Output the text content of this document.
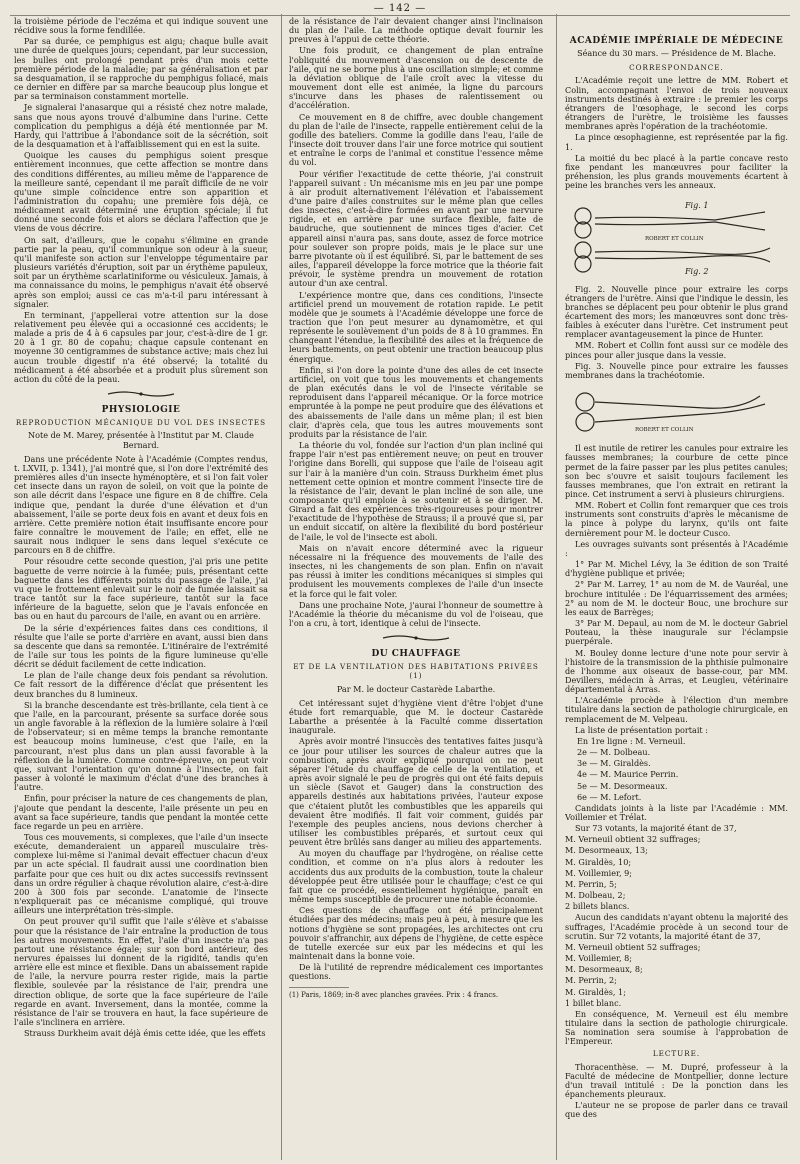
— 142 —

la troisième période de l'eczéma et qui indique souvent une récidive sous la forme fendillée.

Par sa durée, ce pemphigus est aigu; chaque bulle avait une durée de quelques jours; cependant, par leur succession, les bulles ont prolongé pendant près d'un mois cette première période de la maladie; par sa généralisation et par sa desquamation, il se rapproche du pemphigus foliacé, mais ce dernier en diffère par sa marche beaucoup plus longue et par sa terminaison constamment mortelle.

Je signalerai l'anasarque qui a résisté chez notre malade, sans que nous ayons trouvé d'albumine dans l'urine. Cette complication du pemphigus a déjà été mentionnée par M. Hardy, qui l'attribue à l'abondance soit de la sécrétion, soit de la desquamation et à l'affaiblissement qui en est la suite.

Quoique les causes du pemphigus soient presque entièrement inconnues, que cette affection se montre dans des conditions différentes, au milieu même de l'apparence de la meilleure santé, cependant il me paraît difficile de ne voir qu'une simple coïncidence entre son apparition et l'administration du copahu; une première fois déjà, ce médicament avait déterminé une éruption spéciale; il fut donné une seconde fois et alors se déclara l'affection que je viens de vous décrire.

On sait, d'ailleurs, que le copahu s'élimine en grande partie par la peau, qu'il communique son odeur à la sueur, qu'il manifeste son action sur l'enveloppe tégumentaire par plusieurs variétés d'éruption, soit par un érythème papuleux, soit par un érythème scarlatiniforme ou vésiculeux. Jamais, à ma connaissance du moins, le pemphigus n'avait été observé après son emploi; aussi ce cas m'a-t-il paru intéressant à signaler.

En terminant, j'appellerai votre attention sur la dose relativement peu élevée qui a occasionné ces accidents; le malade a pris de 4 à 6 capsules par jour, c'est-à-dire de 1 gr. 20 à 1 gr. 80 de copahu; chaque capsule contenant en moyenne 30 centigrammes de substance active; mais chez lui aucun trouble digestif n'a été observé; la totalité du médicament a été absorbée et a produit plus sûrement son action du côté de la peau.

PHYSIOLOGIE
REPRODUCTION MÉCANIQUE DU VOL DES INSECTES

Note de M. Marey, présentée à l'Institut par M. Claude Bernard.

Dans une précédente Note à l'Académie (Comptes rendus, t. LXVII, p. 1341), j'ai montré que, si l'on dore l'extrémité des premières ailes d'un insecte hyménoptère, et si l'on fait voler cet insecte dans un rayon de soleil, on voit que la pointe de son aile décrit dans l'espace une figure en 8 de chiffre. Cela indique que, pendant la durée d'une élévation et d'un abaissement, l'aile se porte deux fois en avant et deux fois en arrière. Cette première notion était insuffisante encore pour faire connaître le mouvement de l'aile; en effet, elle ne saurait nous indiquer le sens dans lequel s'exécute ce parcours en 8 de chiffre.

Pour résoudre cette seconde question, j'ai pris une petite baguette de verre noircie à la fumée; puis, présentant cette baguette dans les différents points du passage de l'aile, j'ai vu que le frottement enlevait sur le noir de fumée laissait sa trace tantôt sur la face supérieure, tantôt sur la face inférieure de la baguette, selon que je l'avais enfoncée en bas ou en haut du parcours de l'aile, en avant ou en arrière.

De la série d'expériences faites dans ces conditions, il résulte que l'aile se porte d'arrière en avant, aussi bien dans sa descente que dans sa remontée. L'itinéraire de l'extrémité de l'aile sur tous les points de la figure lumineuse qu'elle décrit se déduit facilement de cette indication.

Le plan de l'aile change deux fois pendant sa révolution. Ce fait ressort de la différence d'éclat que présentent les deux branches du 8 lumineux.

Si la branche descendante est très-brillante, cela tient à ce que l'aile, en la parcourant, présente sa surface dorée sous un angle favorable à la réflexion de la lumière solaire à l'œil de l'observateur; si en même temps la branche remontante est beaucoup moins lumineuse, c'est que l'aile, en la parcourant, n'est plus dans un plan aussi favorable à la réflexion de la lumière. Comme contre-épreuve, on peut voir que, suivant l'orientation qu'on donne à l'insecte, on fait passer à volonté le maximum d'éclat d'une des branches à l'autre.

Enfin, pour préciser la nature de ces changements de plan, j'ajoute que pendant la descente, l'aile présente un peu en avant sa face supérieure, tandis que pendant la montée cette face regarde un peu en arrière.

Tous ces mouvements, si complexes, que l'aile d'un insecte exécute, demanderaient un appareil musculaire très-complexe lui-même si l'animal devait effectuer chacun d'eux par un acte spécial. Il faudrait aussi une coordination bien parfaite pour que ces huit ou dix actes successifs revinssent dans un ordre régulier à chaque révolution alaire, c'est-à-dire 200 à 300 fois par seconde. L'anatomie de l'insecte n'expliquerait pas ce mécanisme compliqué, qui trouve ailleurs une interprétation très-simple.

On peut prouver qu'il suffit que l'aile s'élève et s'abaisse pour que la résistance de l'air entraîne la production de tous les autres mouvements. En effet, l'aile d'un insecte n'a pas partout une résistance égale; sur son bord antérieur, des nervures épaisses lui donnent de la rigidité, tandis qu'en arrière elle est mince et flexible. Dans un abaissement rapide de l'aile, la nervure pourra rester rigide, mais la partie flexible, soulevée par la résistance de l'air, prendra une direction oblique, de sorte que la face supérieure de l'aile regarde en avant. Inversement, dans la montée, comme la résistance de l'air se trouvera en haut, la face supérieure de l'aile s'inclinera en arrière.

Strauss Durkheim avait déjà émis cette idée, que les effets

de la résistance de l'air devaient changer ainsi l'inclinaison du plan de l'aile. La méthode optique devait fournir les preuves à l'appui de cette théorie.

Une fois produit, ce changement de plan entraîne l'obliquité du mouvement d'ascension ou de descente de l'aile, qui ne se borne plus à une oscillation simple; et comme la déviation oblique de l'aile croît avec la vitesse du mouvement dont elle est animée, la ligne du parcours s'incurve dans les phases de ralentissement ou d'accélération.

Ce mouvement en 8 de chiffre, avec double changement du plan de l'aile de l'insecte, rappelle entièrement celui de la godille des bateliers. Comme la godille dans l'eau, l'aile de l'insecte doit trouver dans l'air une force motrice qui soutient et entraîne le corps de l'animal et constitue l'essence même du vol.

Pour vérifier l'exactitude de cette théorie, j'ai construit l'appareil suivant : Un mécanisme mis en jeu par une pompe à air produit alternativement l'élévation et l'abaissement d'une paire d'ailes construites sur le même plan que celles des insectes, c'est-à-dire formées en avant par une nervure rigide, et en arrière par une surface flexible, faite de baudruche, que soutiennent de minces tiges d'acier. Cet appareil ainsi n'aura pas, sans doute, assez de force motrice pour soulever son propre poids, mais je le place sur une barre pivotante où il est équilibré. Si, par le battement de ses ailes, l'appareil développe la force motrice que la théorie fait prévoir, le système prendra un mouvement de rotation autour d'un axe central.

L'expérience montre que, dans ces conditions, l'insecte artificiel prend un mouvement de rotation rapide. Le petit modèle que je soumets à l'Académie développe une force de traction que l'on peut mesurer au dynamomètre, et qui représente le soulèvement d'un poids de 8 à 10 grammes. En changeant l'étendue, la flexibilité des ailes et la fréquence de leurs battements, on peut obtenir une traction beaucoup plus énergique.

Enfin, si l'on dore la pointe d'une des ailes de cet insecte artificiel, on voit que tous les mouvements et changements de plan exécutés dans le vol de l'insecte véritable se reproduisent dans l'appareil mécanique. Or la force motrice empruntée à la pompe ne peut produire que des élévations et des abaissements de l'aile dans un même plan; il est bien clair, d'après cela, que tous les autres mouvements sont produits par la résistance de l'air.

La théorie du vol, fondée sur l'action d'un plan incliné qui frappe l'air n'est pas entièrement neuve; on peut en trouver l'origine dans Borelli, qui suppose que l'aile de l'oiseau agit sur l'air à la manière d'un coin. Strauss Durkheim émet plus nettement cette opinion et montre comment l'insecte tire de la résistance de l'air, devant le plan incliné de son aile, une composante qu'il emploie à se soutenir et à se diriger. M. Girard a fait des expériences très-rigoureuses pour montrer l'exactitude de l'hypothèse de Strauss; il a prouvé que si, par un enduit siccatif, on altère la flexibilité du bord postérieur de l'aile, le vol de l'insecte est aboli.

Mais on n'avait encore déterminé avec la rigueur nécessaire ni la fréquence des mouvements de l'aile des insectes, ni les changements de son plan. Enfin on n'avait pas réussi à imiter les conditions mécaniques si simples qui produisent les mouvements complexes de l'aile d'un insecte et la force qui le fait voler.

Dans une prochaine Note, j'aurai l'honneur de soumettre à l'Académie la théorie du mécanisme du vol de l'oiseau, que l'on a cru, à tort, identique à celui de l'insecte.

DU CHAUFFAGE
ET DE LA VENTILATION DES HABITATIONS PRIVÉES (1)

Par M. le docteur Castarède Labarthe.

Cet intéressant sujet d'hygiène vient d'être l'objet d'une étude fort remarquable, que M. le docteur Castarède Labarthe a présentée à la Faculté comme dissertation inaugurale.

Après avoir montré l'insuccès des tentatives faites jusqu'à ce jour pour utiliser les sources de chaleur autres que la combustion, après avoir expliqué pourquoi on ne peut séparer l'étude du chauffage de celle de la ventilation, et après avoir signalé le peu de progrès qui ont été faits depuis un siècle (Savot et Gauger) dans la construction des appareils destinés aux habitations privées, l'auteur expose que c'étaient plutôt les combustibles que les appareils qui devaient être modifiés. Il fait voir comment, guidés par l'exemple des peuples anciens, nous devions chercher à utiliser les combustibles préparés, et surtout ceux qui peuvent être brûlés sans danger au milieu des appartements.

Au moyen du chauffage par l'hydrogène, on réalise cette condition, et comme on n'a plus alors à redouter les accidents dus aux produits de la combustion, toute la chaleur développée peut être utilisée pour le chauffage; c'est ce qui fait que ce procédé, essentiellement hygiénique, paraît en même temps susceptible de procurer une notable économie.

Ces questions de chauffage ont été principalement étudiées par des médecins; mais peu à peu, à mesure que les notions d'hygiène se sont propagées, les architectes ont cru pouvoir s'affranchir, aux dépens de l'hygiène, de cette espèce de tutelle exercée sur eux par les médecins et qui les maintenait dans la bonne voie.

De là l'utilité de reprendre médicalement ces importantes questions.

(1) Paris, 1869; in-8 avec planches gravées. Prix : 4 francs.

ACADÉMIE IMPÉRIALE DE MÉDECINE

Séance du 30 mars. — Présidence de M. Blache.

CORRESPONDANCE.

L'Académie reçoit une lettre de MM. Robert et Colin, accompagnant l'envoi de trois nouveaux instruments destinés à extraire : le premier les corps étrangers de l'œsophage, le second les corps étrangers de l'urètre, le troisième les fausses membranes après l'opération de la trachéotomie.

La pince œsophagienne, est représentée par la fig. 1.

La moitié du bec placé à la partie concave resto fixe pendant les manœuvres pour faciliter la préhension, les plus grands mouvements écartent à peine les branches vers les anneaux.

Fig. 1
ROBERT ET COLLIN
Fig. 2

Fig. 2. Nouvelle pince pour extraire les corps étrangers de l'urètre. Ainsi que l'indique le dessin, les branches se déplacent peu pour obtenir le plus grand écartement des mors; les manœuvres sont donc très-faibles à exécuter dans l'urètre. Cet instrument peut remplacer avantageusement la pince de Hunter.

MM. Robert et Collin font aussi sur ce modèle des pinces pour aller jusque dans la vessie.

Fig. 3. Nouvelle pince pour extraire les fausses membranes dans la trachéotomie.

ROBERT ET COLLIN

Il est inutile de retirer les canules pour extraire les fausses membranes; la courbure de cette pince permet de la faire passer par les plus petites canules; son bec s'ouvre et saisit toujours facilement les fausses membranes, que l'on extrait en retirant la pince. Cet instrument a servi à plusieurs chirurgiens.

MM. Robert et Collin font remarquer que ces trois instruments sont construits d'après le mécanisme de la pince à polype du larynx, qu'ils ont faite dernièrement pour M. le docteur Cusco.

Les ouvrages suivants sont présentés à l'Académie :

1° Par M. Michel Lévy, la 3e édition de son Traité d'hygiène publique et privée;

2° Par M. Larrey, 1° au nom de M. de Vauréal, une brochure intitulée : De l'équarrissement des armées; 2° au nom de M. le docteur Bouc, une brochure sur les eaux de Barrèges;

3° Par M. Depaul, au nom de M. le docteur Gabriel Pouteau, la thèse inaugurale sur l'éclampsie puerpérale.

M. Bouley donne lecture d'une note pour servir à l'histoire de la transmission de la phthisie pulmonaire de l'homme aux oiseaux de basse-cour, par MM. Devillers, médecin à Arras, et Leugleu, vétérinaire départemental à Arras.

L'Académie procède à l'élection d'un membre titulaire dans la section de pathologie chirurgicale, en remplacement de M. Velpeau.

La liste de présentation portait :

En 1re ligne : M. Verneuil.

2e — M. Dolbeau.

3e — M. Giraldès.

4e — M. Maurice Perrin.

5e — M. Desormeaux.

6e — M. Lefort.

Candidats joints à la liste par l'Académie : MM. Voillemier et Trélat.

Sur 73 votants, la majorité étant de 37,

M. Verneuil obtient 32 suffrages;

M. Desormeaux, 13;

M. Giraldès, 10;

M. Voillemier, 9;

M. Perrin, 5;

M. Dolbeau, 2;

2 billets blancs.

Aucun des candidats n'ayant obtenu la majorité des suffrages, l'Académie procède à un second tour de scrutin. Sur 72 votants, la majorité étant de 37,

M. Verneuil obtient 52 suffrages;

M. Voillemier, 8;

M. Desormeaux, 8;

M. Perrin, 2;

M. Giraldès, 1;

1 billet blanc.

En conséquence, M. Verneuil est élu membre titulaire dans la section de pathologie chirurgicale. Sa nomination sera soumise à l'approbation de l'Empereur.

LECTURE.

Thoracenthèse. — M. Dupré, professeur à la Faculté de médecine de Montpellier, donne lecture d'un travail intitulé : De la ponction dans les épanchements pleuraux.

L'auteur ne se propose de parler dans ce travail que des
